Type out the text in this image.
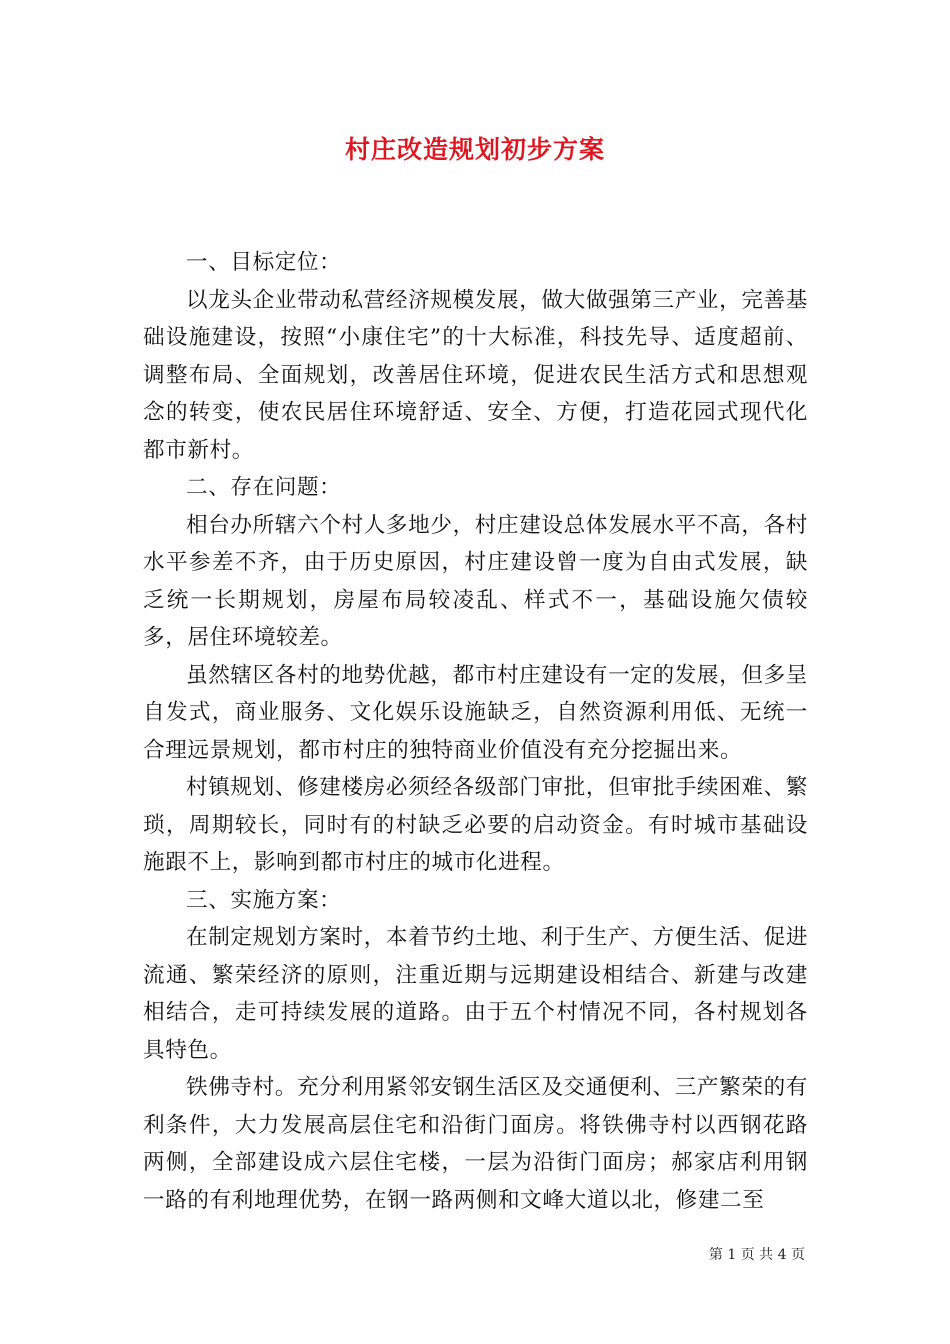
村庄改造规划初步方案

一、目标定位：

以龙头企业带动私营经济规模发展，做大做强第三产业，完善基础设施建设，按照“小康住宅”的十大标准，科技先导、适度超前、调整布局、全面规划，改善居住环境，促进农民生活方式和思想观念的转变，使农民居住环境舒适、安全、方便，打造花园式现代化都市新村。

二、存在问题：

相台办所辖六个村人多地少，村庄建设总体发展水平不高，各村水平参差不齐，由于历史原因，村庄建设曾一度为自由式发展，缺乏统一长期规划，房屋布局较凌乱、样式不一，基础设施欠债较多，居住环境较差。

虽然辖区各村的地势优越，都市村庄建设有一定的发展，但多呈自发式，商业服务、文化娱乐设施缺乏，自然资源利用低、无统一合理远景规划，都市村庄的独特商业价值没有充分挖掘出来。

村镇规划、修建楼房必须经各级部门审批，但审批手续困难、繁琐，周期较长，同时有的村缺乏必要的启动资金。有时城市基础设施跟不上，影响到都市村庄的城市化进程。

三、实施方案：

在制定规划方案时，本着节约土地、利于生产、方便生活、促进流通、繁荣经济的原则，注重近期与远期建设相结合、新建与改建相结合，走可持续发展的道路。由于五个村情况不同，各村规划各具特色。

铁佛寺村。充分利用紧邻安钢生活区及交通便利、三产繁荣的有利条件，大力发展高层住宅和沿街门面房。将铁佛寺村以西钢花路两侧，全部建设成六层住宅楼，一层为沿街门面房；郝家店利用钢一路的有利地理优势，在钢一路两侧和文峰大道以北，修建二至

第 1 页 共 4 页
